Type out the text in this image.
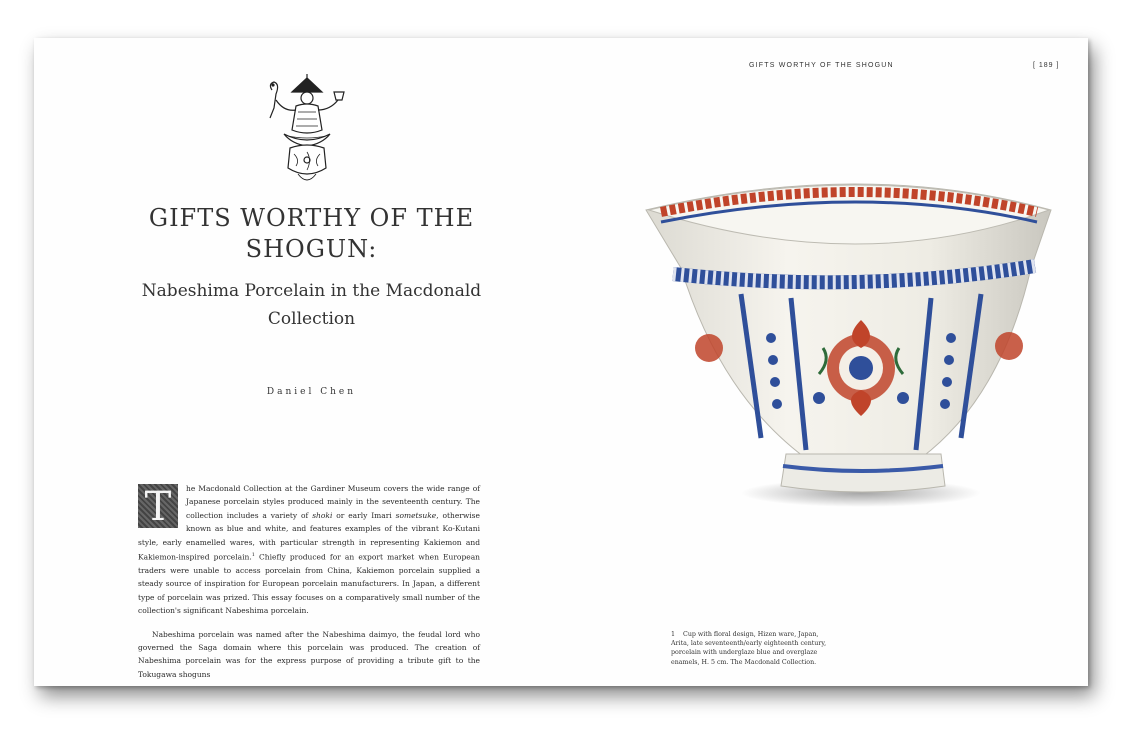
GIFTS WORTHY OF THE SHOGUN:
Nabeshima Porcelain in the Macdonald Collection
Daniel Chen

T	he Macdonald Collection at the Gardiner Museum covers the wide range of Japanese porcelain styles produced mainly in the seventeenth century. The collection includes a variety of shoki or early Imari sometsuke, otherwise known as blue and white, and features examples of the vibrant Ko-Kutani style, early enamelled wares, with particular strength in representing Kakiemon and Kakiemon-inspired porcelain.$^1$ Chiefly produced for an export market when European traders were unable to access porcelain from China, Kakiemon porcelain supplied a steady source of inspiration for European porcelain manufacturers. In Japan, a different type of porcelain was prized. This essay focuses on a comparatively small number of the collection's significant Nabeshima porcelain.

Nabeshima porcelain was named after the Nabeshima daimyo, the feudal lord who governed the Saga domain where this porcelain was produced. The creation of Nabeshima porcelain was for the express purpose of providing a tribute gift to the Tokugawa shoguns

GIFTS WORTHY OF THE SHOGUN	[ 189 ]
1 Cup with floral design, Hizen ware, Japan, Arita, late seventeenth/early eighteenth century, porcelain with underglaze blue and overglaze enamels, H. 5 cm. The Macdonald Collection.
